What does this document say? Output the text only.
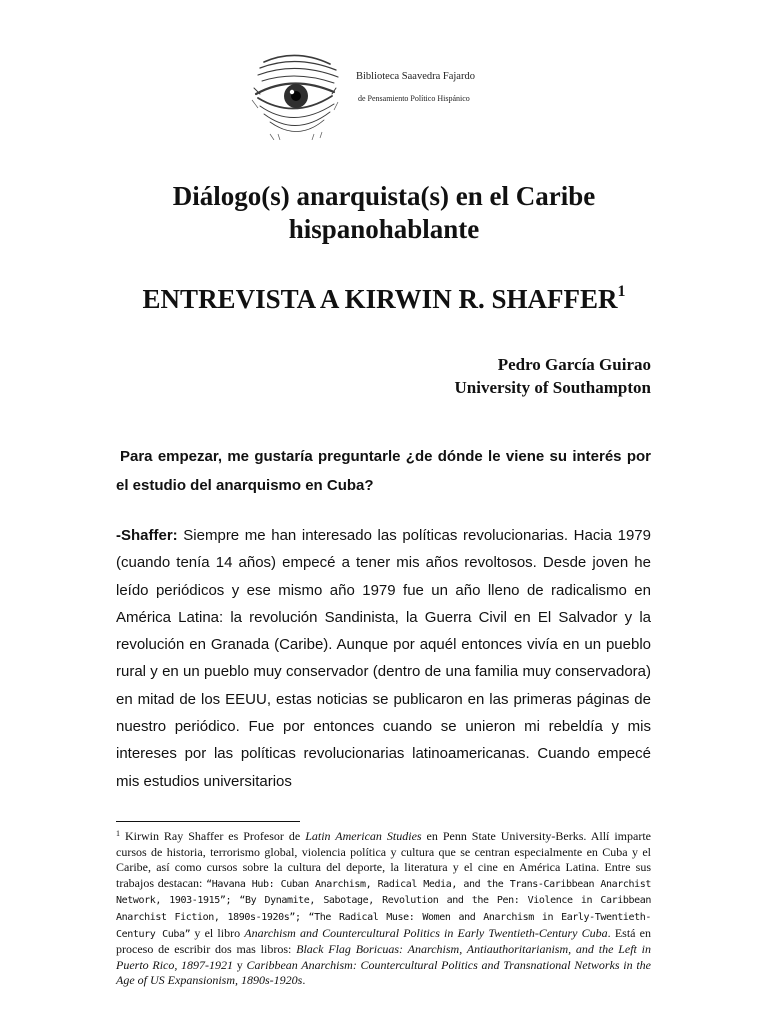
Biblioteca Saavedra Fajardo
de Pensamiento Político Hispánico
Diálogo(s) anarquista(s) en el Caribe hispanohablante
ENTREVISTA A KIRWIN R. SHAFFER$^1$
Pedro García Guirao
University of Southampton

Para empezar, me gustaría preguntarle ¿de dónde le viene su interés por el estudio del anarquismo en Cuba?

-Shaffer: Siempre me han interesado las políticas revolucionarias. Hacia 1979 (cuando tenía 14 años) empecé a tener mis años revoltosos. Desde joven he leído periódicos y ese mismo año 1979 fue un año lleno de radicalismo en América Latina: la revolución Sandinista, la Guerra Civil en El Salvador y la revolución en Granada (Caribe). Aunque por aquél entonces vivía en un pueblo rural y en un pueblo muy conservador (dentro de una familia muy conservadora) en mitad de los EEUU, estas noticias se publicaron en las primeras páginas de nuestro periódico. Fue por entonces cuando se unieron mi rebeldía y mis intereses por las políticas revolucionarias latinoamericanas. Cuando empecé mis estudios universitarios

$^1$ Kirwin Ray Shaffer es Profesor de Latin American Studies en Penn State University-Berks. Allí imparte cursos de historia, terrorismo global, violencia política y cultura que se centran especialmente en Cuba y el Caribe, así como cursos sobre la cultura del deporte, la literatura y el cine en América Latina. Entre sus trabajos destacan: “Havana Hub: Cuban Anarchism, Radical Media, and the Trans-Caribbean Anarchist Network, 1903-1915”; “By Dynamite, Sabotage, Revolution and the Pen: Violence in Caribbean Anarchist Fiction, 1890s-1920s”; “The Radical Muse: Women and Anarchism in Early-Twentieth-Century Cuba” y el libro Anarchism and Countercultural Politics in Early Twentieth-Century Cuba. Está en proceso de escribir dos mas libros: Black Flag Boricuas: Anarchism, Antiauthoritarianism, and the Left in Puerto Rico, 1897-1921 y Caribbean Anarchism: Countercultural Politics and Transnational Networks in the Age of US Expansionism, 1890s-1920s.
